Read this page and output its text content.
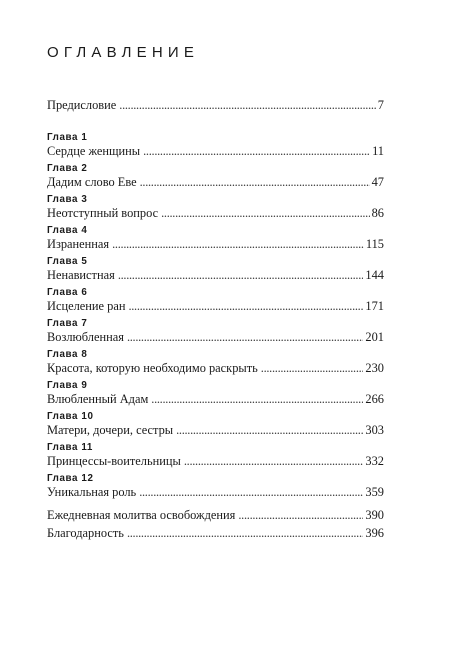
ОГЛАВЛЕНИЕ
Предисловие . . .	7
Глава 1
Сердце женщины . . .	11
Глава 2
Дадим слово Еве . . .	47
Глава 3
Неотступный вопрос . . .	86
Глава 4
Израненная . . .	115
Глава 5
Ненавистная . . .	144
Глава 6
Исцеление ран . . .	171
Глава 7
Возлюбленная . . .	201
Глава 8
Красота, которую необходимо раскрыть . . .	230
Глава 9
Влюбленный Адам . . .	266
Глава 10
Матери, дочери, сестры . . .	303
Глава 11
Принцессы-воительницы . . .	332
Глава 12
Уникальная роль . . .	359
Ежедневная молитва освобождения . . .	390
Благодарность . . .	396
